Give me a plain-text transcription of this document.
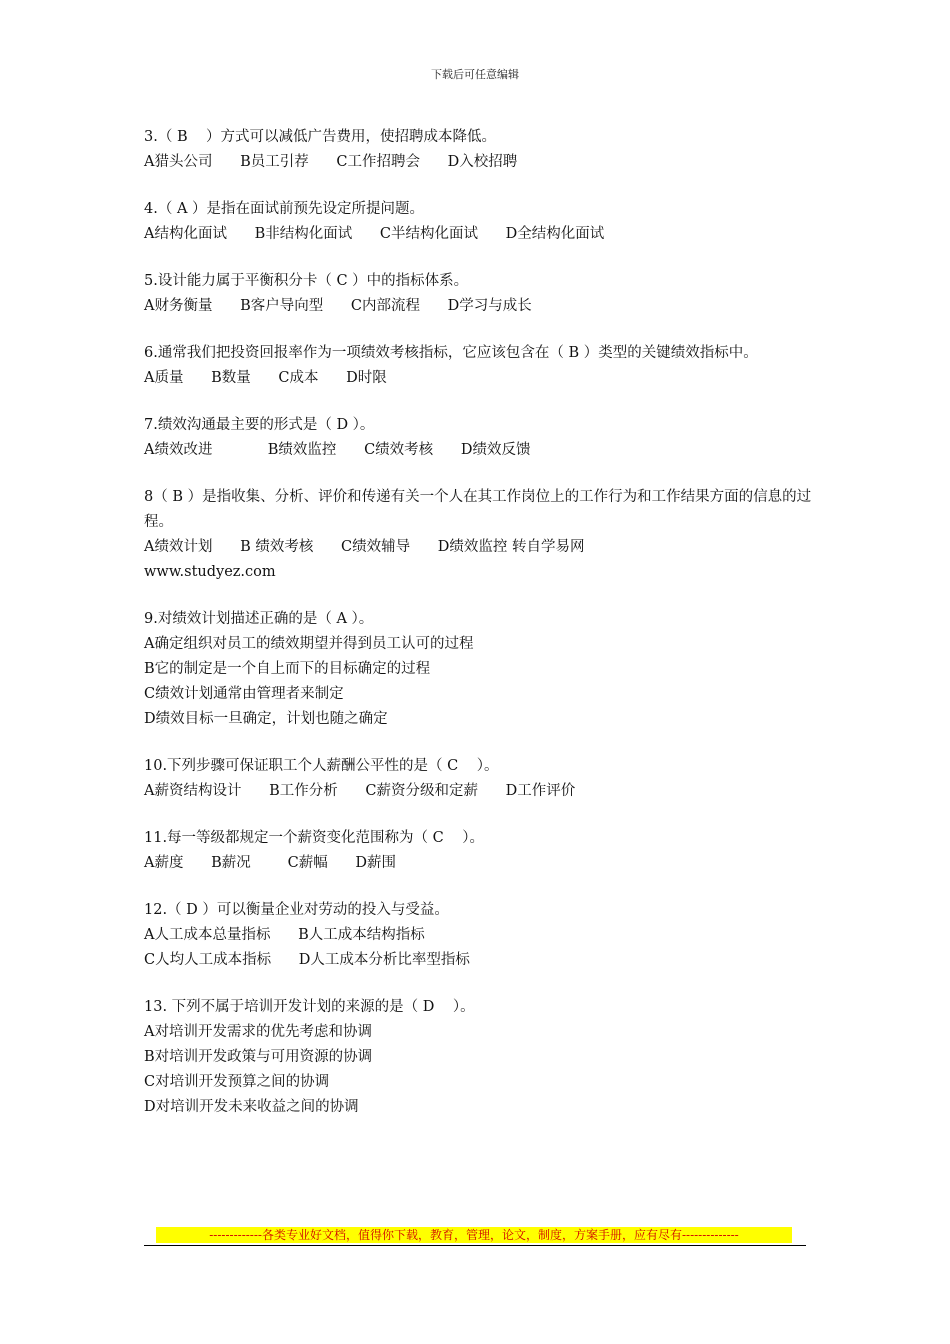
下载后可任意编辑

3.（ B    ）方式可以减低广告费用，使招聘成本降低。

A猎头公司      B员工引荐      C工作招聘会      D入校招聘

4.（ A ）是指在面试前预先设定所提问题。

A结构化面试      B非结构化面试      C半结构化面试      D全结构化面试

5.设计能力属于平衡积分卡（ C ）中的指标体系。

A财务衡量      B客户导向型      C内部流程      D学习与成长

6.通常我们把投资回报率作为一项绩效考核指标，它应该包含在（ B ）类型的关键绩效指标中。

A质量      B数量      C成本      D时限

7.绩效沟通最主要的形式是（ D ）。

A绩效改进            B绩效监控      C绩效考核      D绩效反馈

8（ B ）是指收集、分析、评价和传递有关一个人在其工作岗位上的工作行为和工作结果方面的信息的过程。

A绩效计划      B 绩效考核      C绩效辅导      D绩效监控 转自学易网

www.studyez.com

9.对绩效计划描述正确的是（ A ）。

A确定组织对员工的绩效期望并得到员工认可的过程

B它的制定是一个自上而下的目标确定的过程

C绩效计划通常由管理者来制定

D绩效目标一旦确定，计划也随之确定

10.下列步骤可保证职工个人薪酬公平性的是（ C    ）。

A薪资结构设计      B工作分析      C薪资分级和定薪      D工作评价

11.每一等级都规定一个薪资变化范围称为（ C    ）。

A薪度      B薪况        C薪幅      D薪围

12.（ D ）可以衡量企业对劳动的投入与受益。

A人工成本总量指标      B人工成本结构指标

C人均人工成本指标      D人工成本分析比率型指标

13. 下列不属于培训开发计划的来源的是（ D    ）。

A对培训开发需求的优先考虑和协调

B对培训开发政策与可用资源的协调

C对培训开发预算之间的协调

D对培训开发未来收益之间的协调

-------------各类专业好文档，值得你下载，教育，管理，论文，制度，方案手册，应有尽有--------------
